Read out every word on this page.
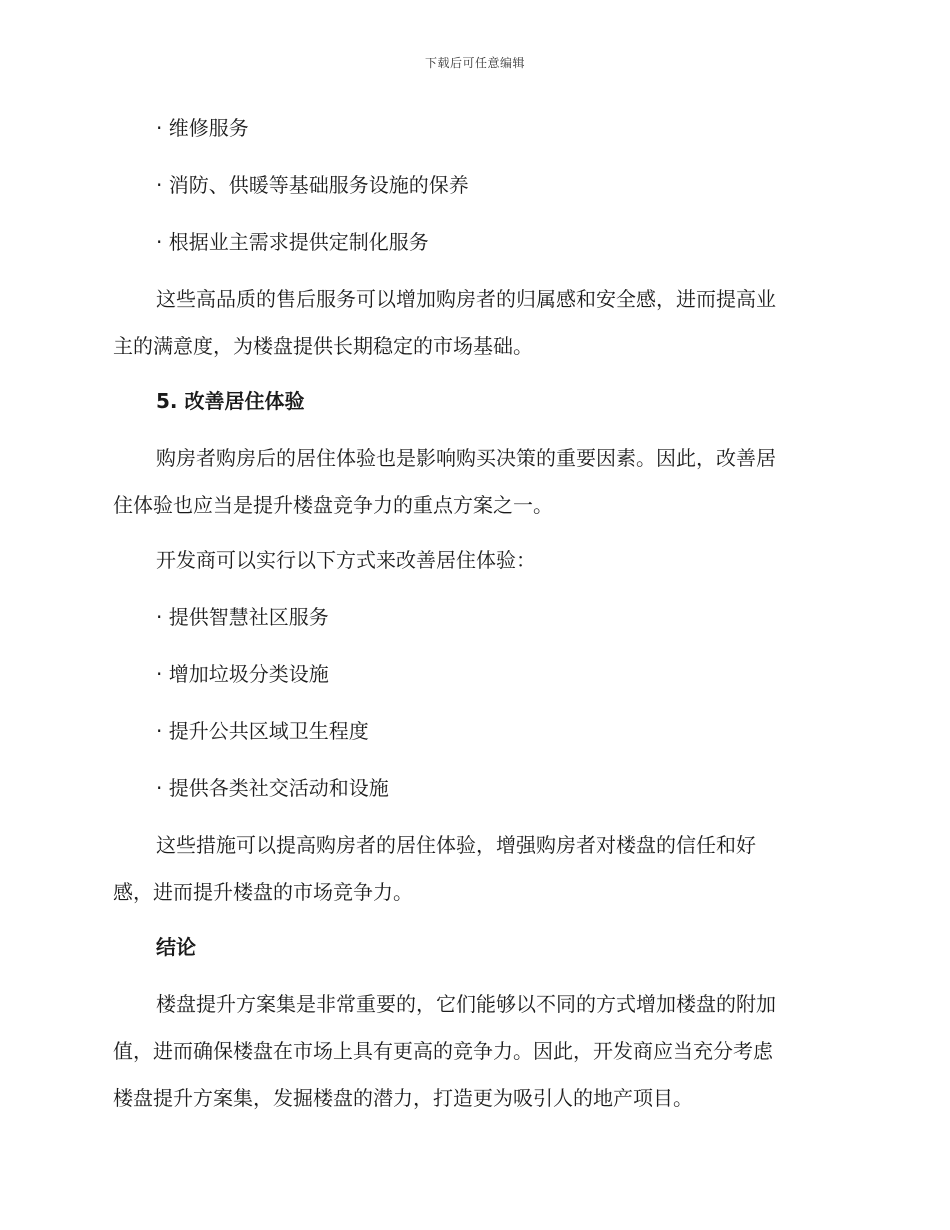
下载后可任意编辑
· 维修服务
· 消防、供暖等基础服务设施的保养
· 根据业主需求提供定制化服务
这些高品质的售后服务可以增加购房者的归属感和安全感，进而提高业
主的满意度，为楼盘提供长期稳定的市场基础。
5. 改善居住体验
购房者购房后的居住体验也是影响购买决策的重要因素。因此，改善居
住体验也应当是提升楼盘竞争力的重点方案之一。
开发商可以实行以下方式来改善居住体验：
· 提供智慧社区服务
· 增加垃圾分类设施
· 提升公共区域卫生程度
· 提供各类社交活动和设施
这些措施可以提高购房者的居住体验，增强购房者对楼盘的信任和好
感，进而提升楼盘的市场竞争力。
结论
楼盘提升方案集是非常重要的，它们能够以不同的方式增加楼盘的附加
值，进而确保楼盘在市场上具有更高的竞争力。因此，开发商应当充分考虑
楼盘提升方案集，发掘楼盘的潜力，打造更为吸引人的地产项目。
